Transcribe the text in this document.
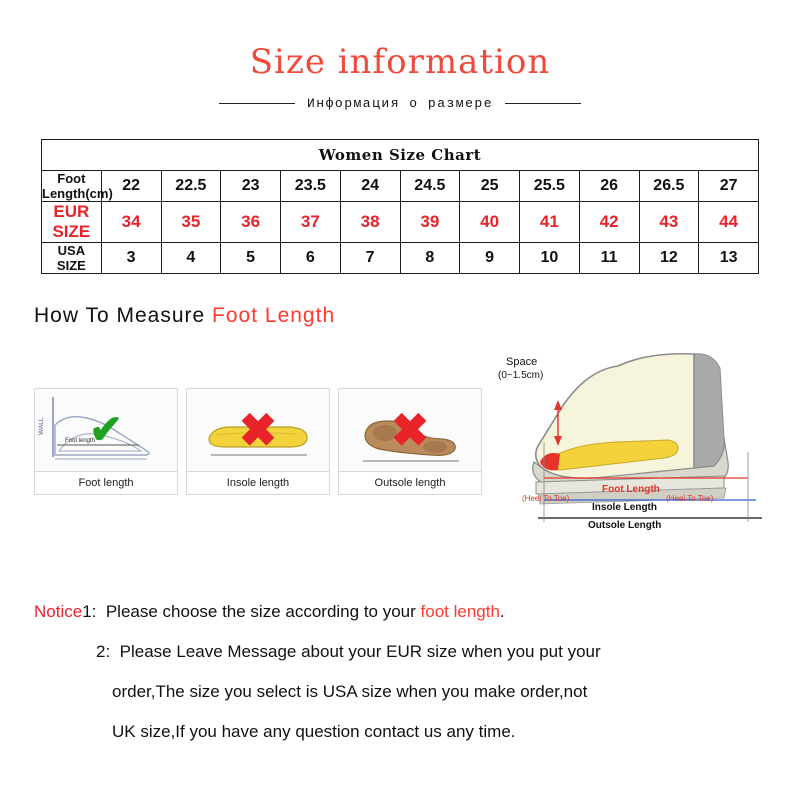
Size information
Информация о размере
Women Size Chart											
Foot Length(cm)	22	22.5	23	23.5	24	24.5	25	25.5	26	26.5	27
EUR SIZE	34	35	36	37	38	39	40	41	42	43	44
USA SIZE	3	4	5	6	7	8	9	10	11	12	13
How To Measure Foot Length
Foot length
WALL ✔
Foot length
✖
Insole length
✖
Outsole length
Space
(0~1.5cm)
(Heel To Toe)	(Heel To Toe)
Foot Length
Insole Length
Outsole Length
Notice1: Please choose the size according to your foot length.
2: Please Leave Message about your EUR size when you put your
order,The size you select is USA size when you make order,not
UK size,If you have any question contact us any time.
